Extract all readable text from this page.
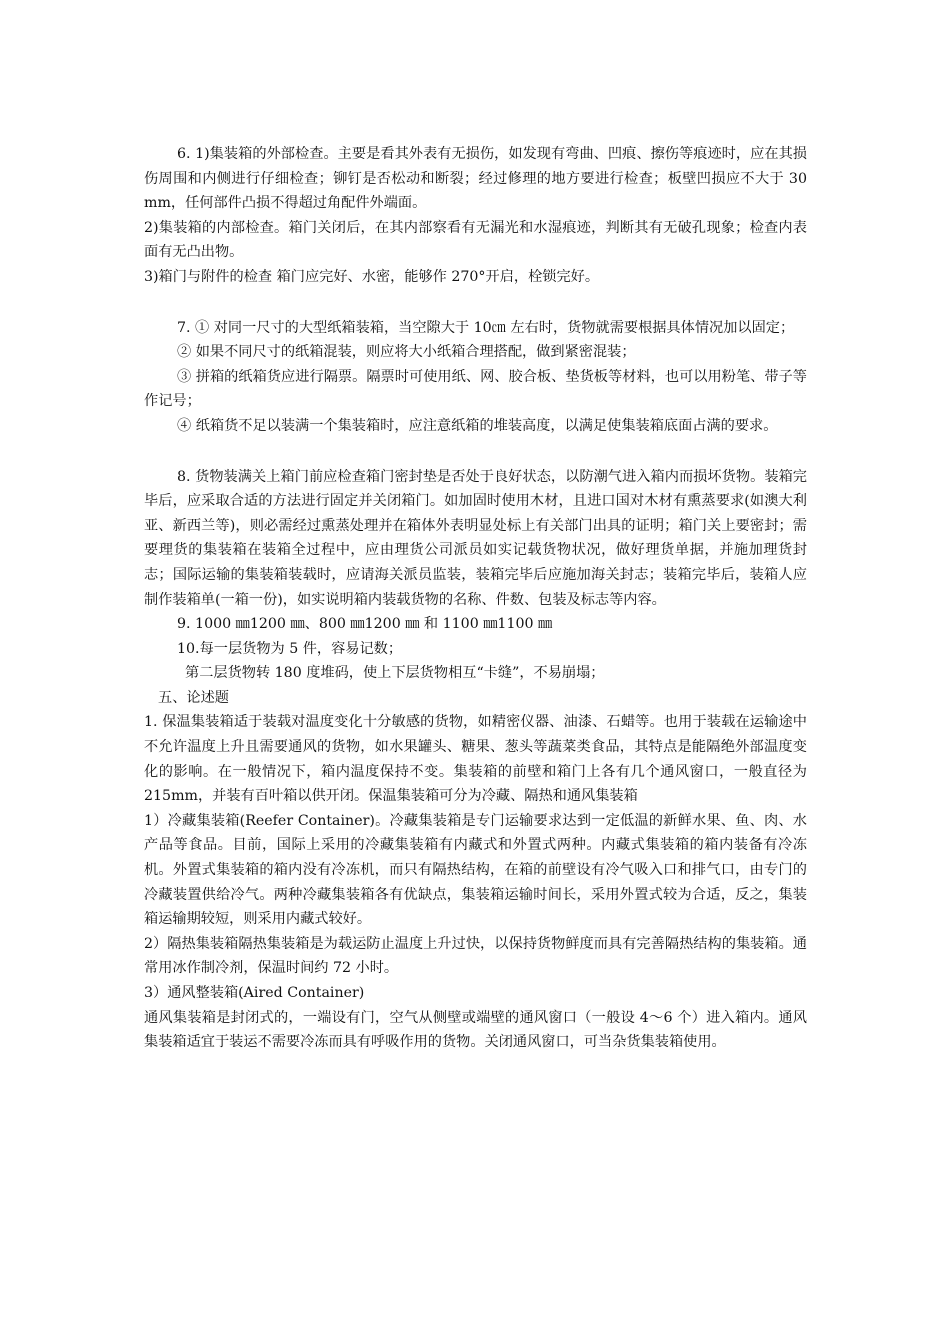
6. 1)集装箱的外部检查。主要是看其外表有无损伤，如发现有弯曲、凹痕、擦伤等痕迹时，应在其损伤周围和内侧进行仔细检查；铆钉是否松动和断裂；经过修理的地方要进行检查；板壁凹损应不大于 30 mm，任何部件凸损不得超过角配件外端面。

2)集装箱的内部检查。箱门关闭后，在其内部察看有无漏光和水湿痕迹，判断其有无破孔现象；检查内表面有无凸出物。

3)箱门与附件的检查 箱门应完好、水密，能够作 270°开启，栓锁完好。

7. ① 对同一尺寸的大型纸箱装箱，当空隙大于 10㎝ 左右时，货物就需要根据具体情况加以固定；

② 如果不同尺寸的纸箱混装，则应将大小纸箱合理搭配，做到紧密混装；

③ 拼箱的纸箱货应进行隔票。隔票时可使用纸、网、胶合板、垫货板等材料，也可以用粉笔、带子等作记号；

④ 纸箱货不足以装满一个集装箱时，应注意纸箱的堆装高度，以满足使集装箱底面占满的要求。

8. 货物装满关上箱门前应检查箱门密封垫是否处于良好状态，以防潮气进入箱内而损坏货物。装箱完毕后，应采取合适的方法进行固定并关闭箱门。如加固时使用木材，且进口国对木材有熏蒸要求(如澳大利亚、新西兰等)，则必需经过熏蒸处理并在箱体外表明显处标上有关部门出具的证明；箱门关上要密封；需要理货的集装箱在装箱全过程中，应由理货公司派员如实记载货物状况，做好理货单据，并施加理货封志；国际运输的集装箱装载时，应请海关派员监装，装箱完毕后应施加海关封志；装箱完毕后，装箱人应制作装箱单(一箱一份)，如实说明箱内装载货物的名称、件数、包装及标志等内容。

9. 1000 ㎜1200 ㎜、800 ㎜1200 ㎜ 和 1100 ㎜1100 ㎜

10.每一层货物为 5 件，容易记数；

第二层货物转 180 度堆码，使上下层货物相互“卡缝”，不易崩塌；

五、论述题

1. 保温集装箱适于装载对温度变化十分敏感的货物，如精密仪器、油漆、石蜡等。也用于装载在运输途中不允许温度上升且需要通风的货物，如水果罐头、糖果、葱头等蔬菜类食品，其特点是能隔绝外部温度变化的影响。在一般情况下，箱内温度保持不变。集装箱的前壁和箱门上各有几个通风窗口，一般直径为 215mm，并装有百叶箱以供开闭。保温集装箱可分为冷藏、隔热和通风集装箱

1）冷藏集装箱(Reefer Container)。冷藏集装箱是专门运输要求达到一定低温的新鲜水果、鱼、肉、水产品等食品。目前，国际上采用的冷藏集装箱有内藏式和外置式两种。内藏式集装箱的箱内装备有冷冻机。外置式集装箱的箱内没有冷冻机，而只有隔热结构，在箱的前壁设有冷气吸入口和排气口，由专门的冷藏装置供给冷气。两种冷藏集装箱各有优缺点，集装箱运输时间长，采用外置式较为合适，反之，集装箱运输期较短，则采用内藏式较好。

2）隔热集装箱隔热集装箱是为载运防止温度上升过快，以保持货物鲜度而具有完善隔热结构的集装箱。通常用冰作制冷剂，保温时间约 72 小时。

3）通风整装箱(Aired Container)

通风集装箱是封闭式的，一端设有门，空气从侧壁或端壁的通风窗口（一般设 4～6 个）进入箱内。通风集装箱适宜于装运不需要冷冻而具有呼吸作用的货物。关闭通风窗口，可当杂货集装箱使用。
